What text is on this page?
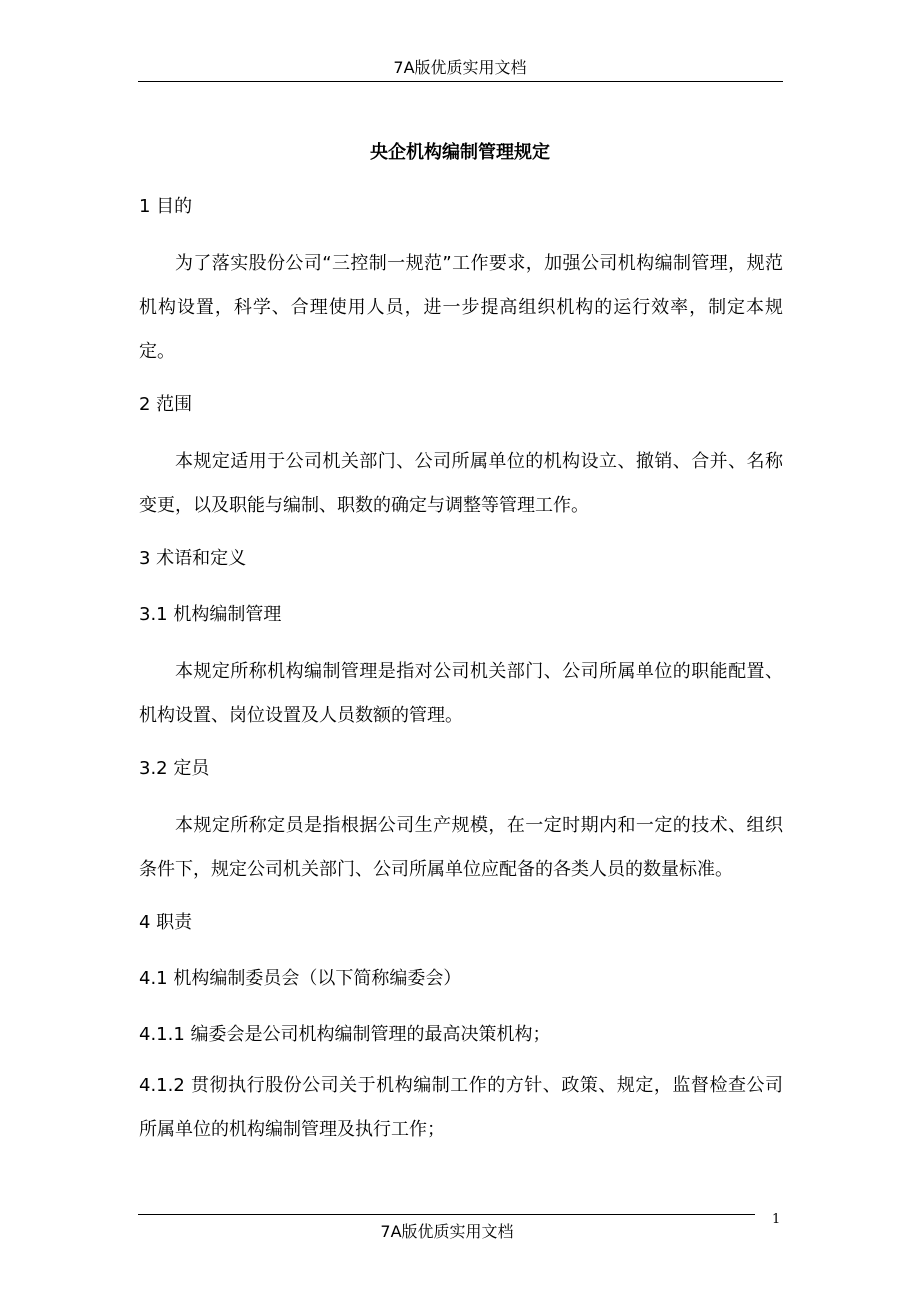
7A版优质实用文档
央企机构编制管理规定

1 目的

为了落实股份公司“三控制一规范”工作要求，加强公司机构编制管理，规范机构设置，科学、合理使用人员，进一步提高组织机构的运行效率，制定本规定。

2 范围

本规定适用于公司机关部门、公司所属单位的机构设立、撤销、合并、名称变更，以及职能与编制、职数的确定与调整等管理工作。

3 术语和定义

3.1 机构编制管理

本规定所称机构编制管理是指对公司机关部门、公司所属单位的职能配置、机构设置、岗位设置及人员数额的管理。

3.2 定员

本规定所称定员是指根据公司生产规模，在一定时期内和一定的技术、组织条件下，规定公司机关部门、公司所属单位应配备的各类人员的数量标准。

4 职责

4.1 机构编制委员会（以下简称编委会）

4.1.1 编委会是公司机构编制管理的最高决策机构；

4.1.2 贯彻执行股份公司关于机构编制工作的方针、政策、规定，监督检查公司所属单位的机构编制管理及执行工作；

1
7A版优质实用文档
